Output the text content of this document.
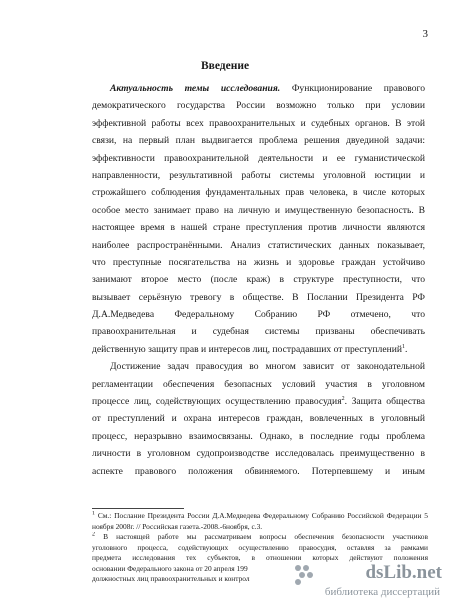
3
Введение
Актуальность темы исследования. Функционирование правового
демократического государства России возможно только при условии
эффективной работы всех правоохранительных и судебных органов. В этой
связи, на первый план выдвигается проблема решения двуединой задачи:
эффективности правоохранительной деятельности и ее гуманистической
направленности, результативной работы системы уголовной юстиции и
строжайшего соблюдения фундаментальных прав человека, в числе которых
особое место занимает право на личную и имущественную безопасность. В
настоящее время в нашей стране преступления против личности являются
наиболее распространёнными. Анализ статистических данных показывает,
что преступные посягательства на жизнь и здоровье граждан устойчиво
занимают второе место (после краж) в структуре преступности, что
вызывает серьёзную тревогу в обществе. В Послании Президента РФ
Д.А.Медведева Федеральному Собранию РФ отмечено, что
правоохранительная и судебная системы призваны обеспечивать
действенную защиту прав и интересов лиц, пострадавших от преступлений$^1$.
Достижение задач правосудия во многом зависит от законодательной
регламентации обеспечения безопасных условий участия в уголовном
процессе лиц, содействующих осуществлению правосудия$^2$. Защита общества
от преступлений и охрана интересов граждан, вовлеченных в уголовный
процесс, неразрывно взаимосвязаны. Однако, в последние годы проблема
личности в уголовном судопроизводстве исследовалась преимущественно в
аспекте правового положения обвиняемого. Потерпевшему и иным
$^1$ Cм.: Послание Президента России Д.А.Медведева Федеральному Собранию Российской Федерации 5
ноября 2008г. // Российская газета.-2008.-6ноября, с.3.
$^2$ В настоящей работе мы рассматриваем вопросы обеспечения безопасности участников
уголовного процесса, содействующих осуществлению правосудия, оставляя за рамками
предмета исследования тех субъектов, в отношении которых действуют положения
основании Федерального закона от 20 апреля 199
должностных лиц правоохранительных и контрол	dsLib.net
библиотека диссертаций
